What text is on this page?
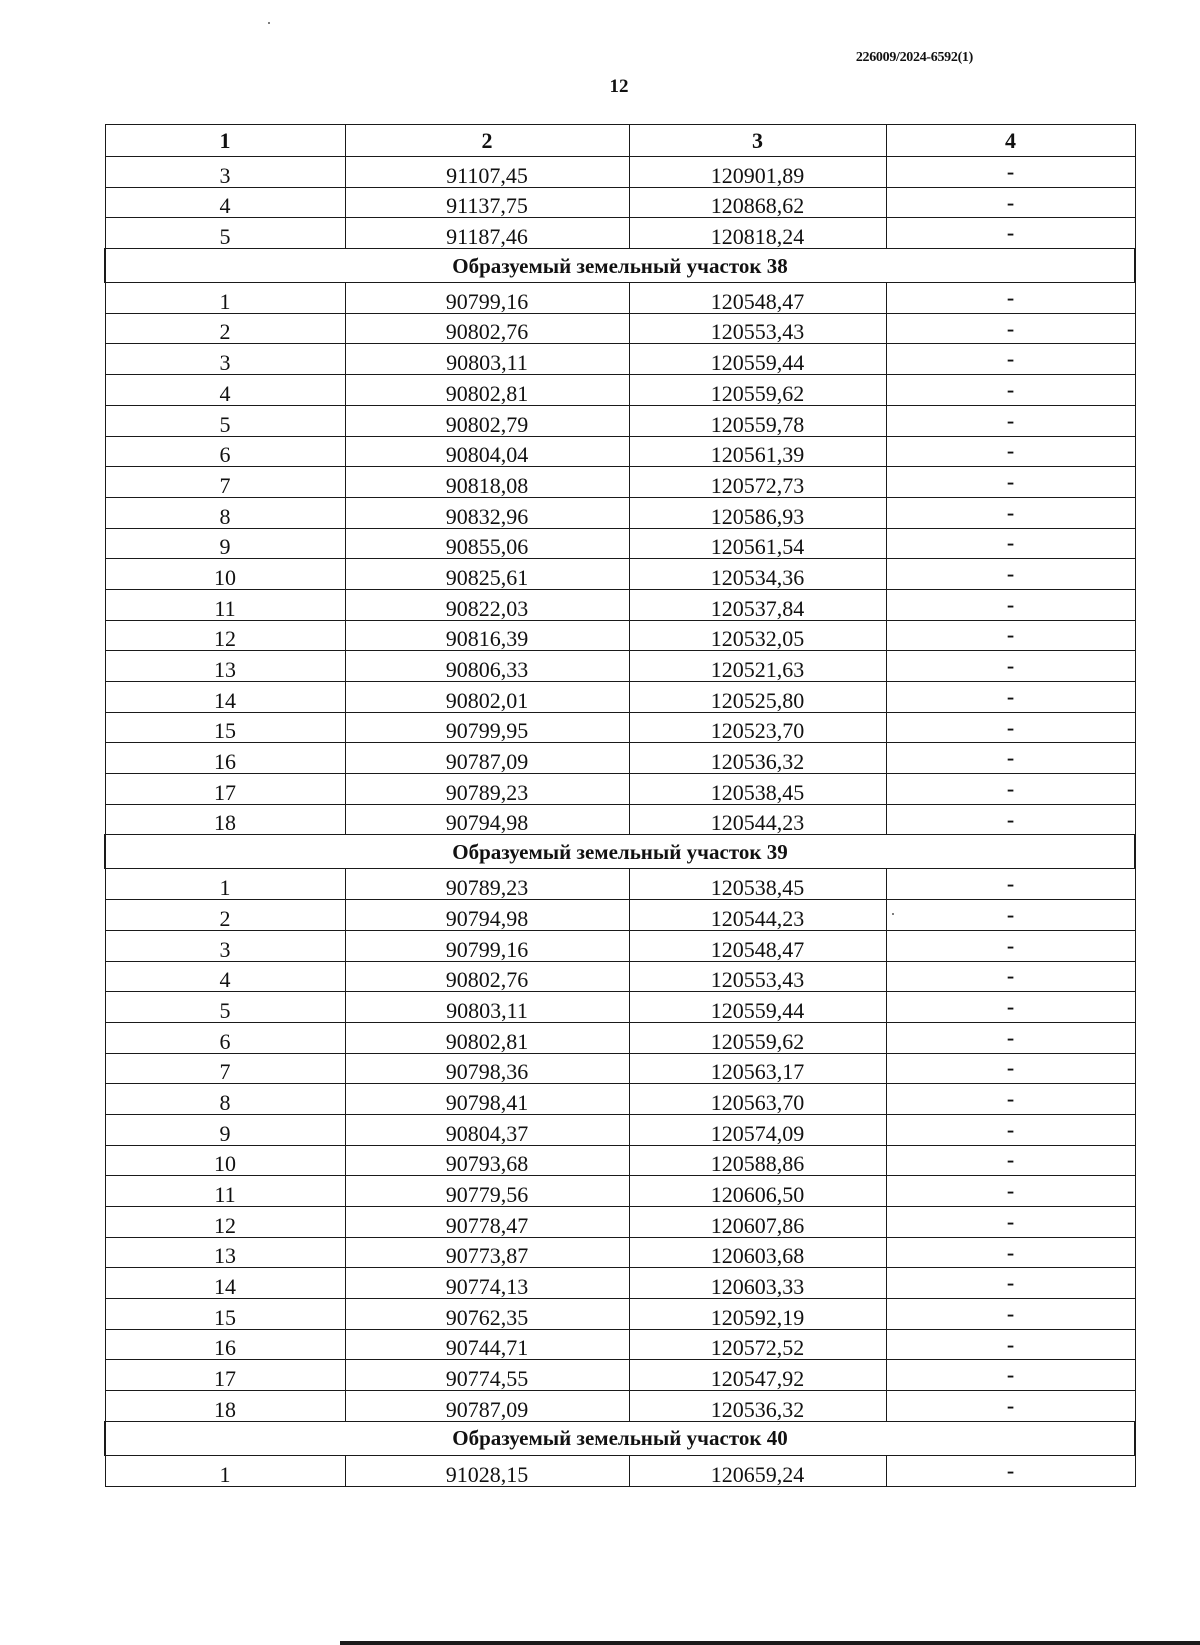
226009/2024-6592(1)
12
1	2	3	4
3	91107,45	120901,89	-
4	91137,75	120868,62	-
5	91187,46	120818,24	-
Образуемый земельный участок 38			
1	90799,16	120548,47	-
2	90802,76	120553,43	-
3	90803,11	120559,44	-
4	90802,81	120559,62	-
5	90802,79	120559,78	-
6	90804,04	120561,39	-
7	90818,08	120572,73	-
8	90832,96	120586,93	-
9	90855,06	120561,54	-
10	90825,61	120534,36	-
11	90822,03	120537,84	-
12	90816,39	120532,05	-
13	90806,33	120521,63	-
14	90802,01	120525,80	-
15	90799,95	120523,70	-
16	90787,09	120536,32	-
17	90789,23	120538,45	-
18	90794,98	120544,23	-
Образуемый земельный участок 39			
1	90789,23	120538,45	-
2	90794,98	120544,23	-
3	90799,16	120548,47	-
4	90802,76	120553,43	-
5	90803,11	120559,44	-
6	90802,81	120559,62	-
7	90798,36	120563,17	-
8	90798,41	120563,70	-
9	90804,37	120574,09	-
10	90793,68	120588,86	-
11	90779,56	120606,50	-
12	90778,47	120607,86	-
13	90773,87	120603,68	-
14	90774,13	120603,33	-
15	90762,35	120592,19	-
16	90744,71	120572,52	-
17	90774,55	120547,92	-
18	90787,09	120536,32	-
Образуемый земельный участок 40			
1	91028,15	120659,24	-
